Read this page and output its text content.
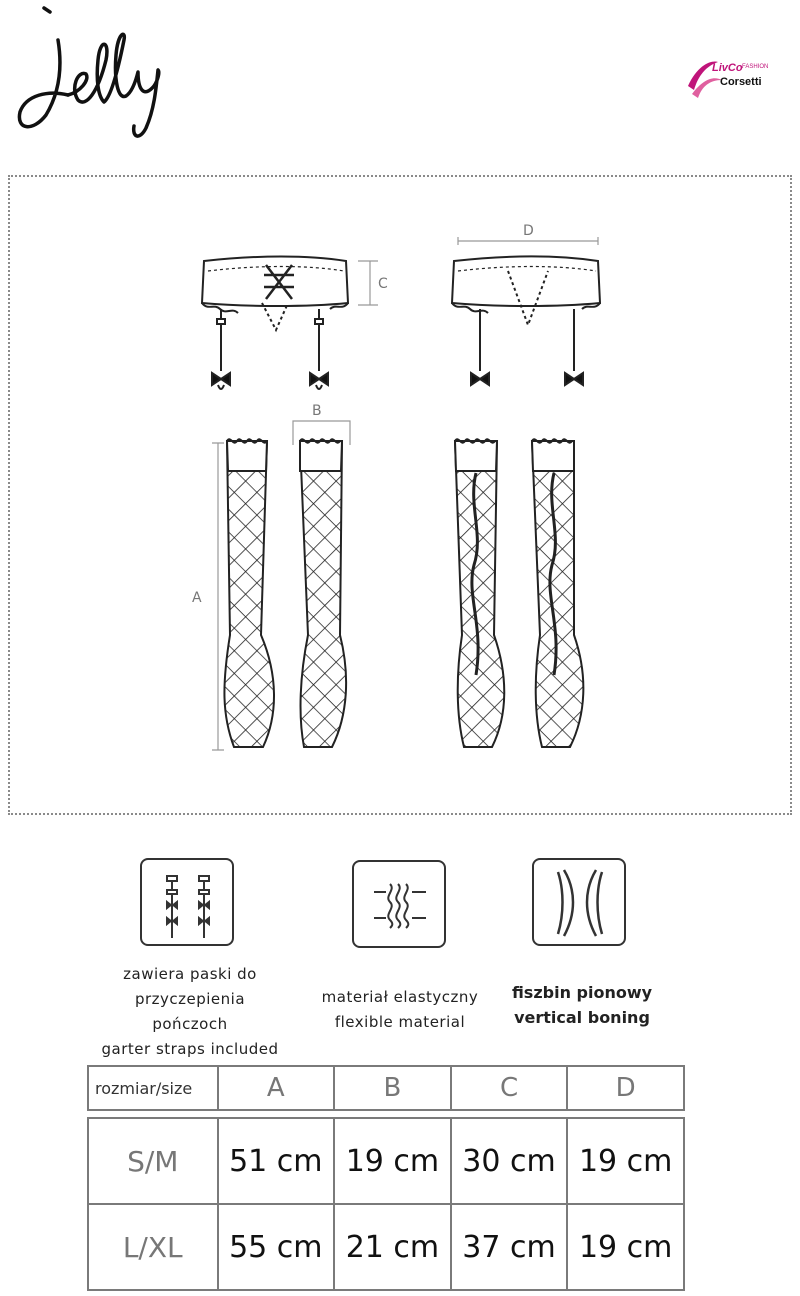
LivCo FASHION
Corsetti
C
D
B
A
zawiera paski do przyczepienia pończoch
garter straps included
materiał elastyczny
flexible material
fiszbin pionowy
vertical boning
rozmiar/size	A	B	C	D

S/M	51 cm	19 cm	30 cm	19 cm
L/XL	55 cm	21 cm	37 cm	19 cm
